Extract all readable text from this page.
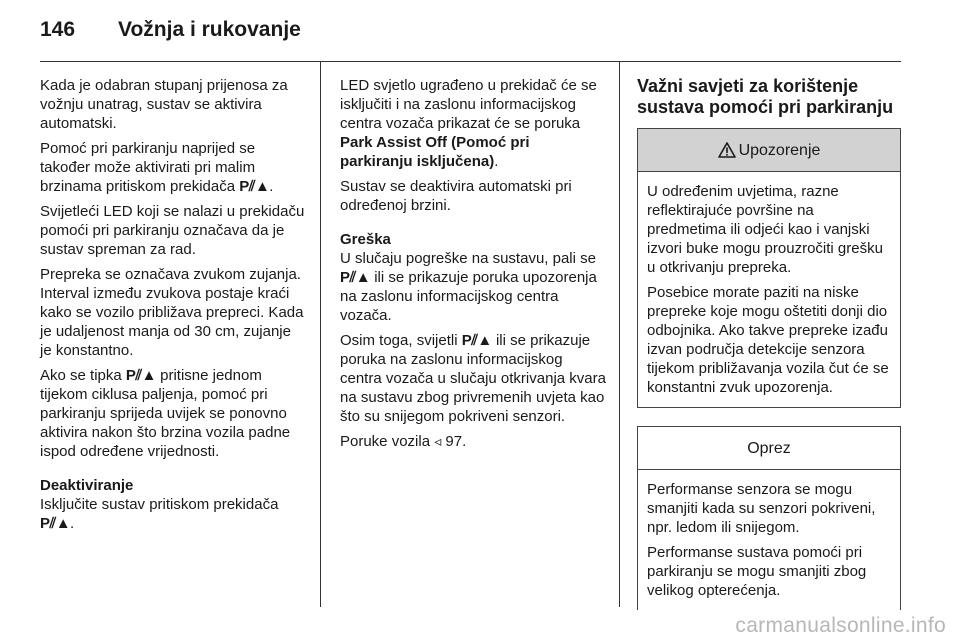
146 Vožnja i rukovanje

Kada je odabran stupanj prijenosa za vožnju unatrag, sustav se aktivira automatski.

Pomoć pri parkiranju naprijed se također može aktivirati pri malim brzinama pritiskom prekidača P⫽▲.

Svijetleći LED koji se nalazi u prekidaču pomoći pri parkiranju označava da je sustav spreman za rad.

Prepreka se označava zvukom zujanja. Interval između zvukova postaje kraći kako se vozilo približava prepreci. Kada je udaljenost manja od 30 cm, zujanje je konstantno.

Ako se tipka P⫽▲ pritisne jednom tijekom ciklusa paljenja, pomoć pri parkiranju sprijeda uvijek se ponovno aktivira nakon što brzina vozila padne ispod određene vrijednosti.

Deaktiviranje
Isključite sustav pritiskom prekidača P⫽▲.

LED svjetlo ugrađeno u prekidač će se isključiti i na zaslonu informacijskog centra vozača prikazat će se poruka Park Assist Off (Pomoć pri parkiranju isključena).

Sustav se deaktivira automatski pri određenoj brzini.

Greška
U slučaju pogreške na sustavu, pali se P⫽▲ ili se prikazuje poruka upozorenja na zaslonu informacijskog centra vozača.

Osim toga, svijetli P⫽▲ ili se prikazuje poruka na zaslonu informacijskog centra vozača u slučaju otkrivanja kvara na sustavu zbog privremenih uvjeta kao što su snijegom pokriveni senzori.

Poruke vozila ◃ 97.

Važni savjeti za korištenje sustava pomoći pri parkiranju
Upozorenje

U određenim uvjetima, razne reflektirajuće površine na predmetima ili odjeći kao i vanjski izvori buke mogu prouzročiti grešku u otkrivanju prepreka.

Posebice morate paziti na niske prepreke koje mogu oštetiti donji dio odbojnika. Ako takve prepreke izađu izvan područja detekcije senzora tijekom približavanja vozila čut će se konstantni zvuk upozorenja.

Oprez

Performanse senzora se mogu smanjiti kada su senzori pokriveni, npr. ledom ili snijegom.

Performanse sustava pomoći pri parkiranju se mogu smanjiti zbog velikog opterećenja.

carmanualsonline.info
